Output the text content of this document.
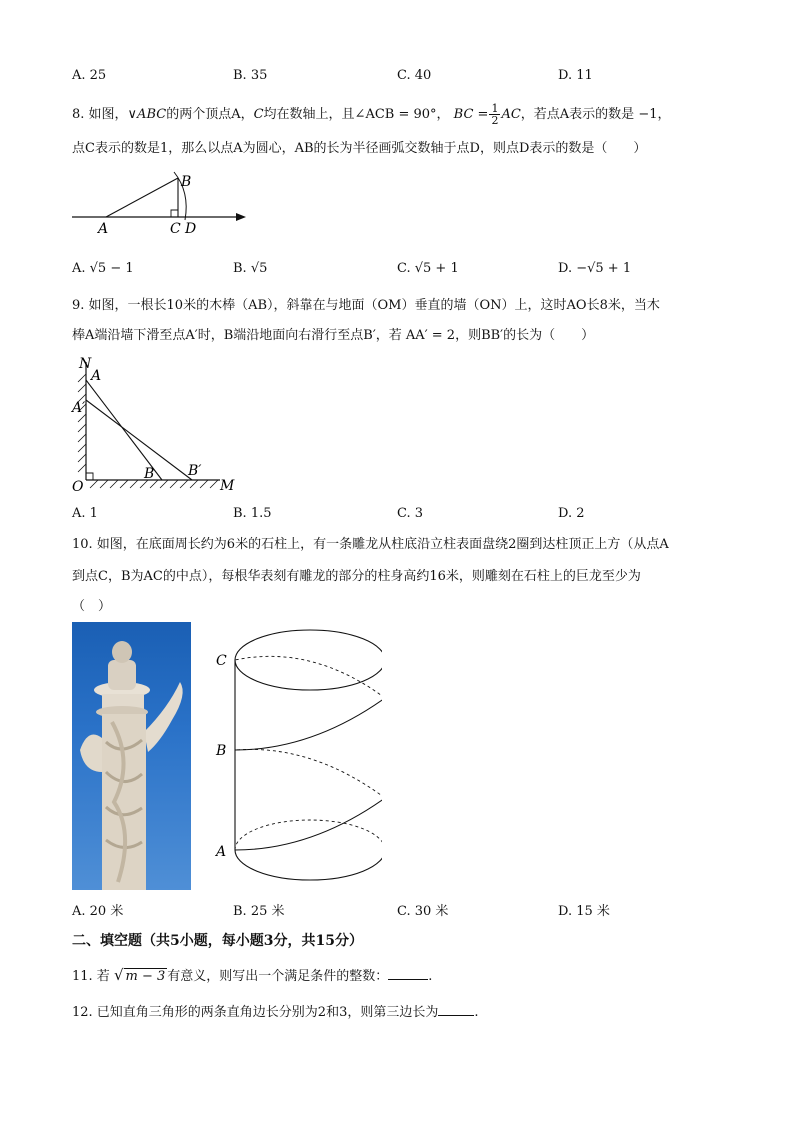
A. 25	B. 35	C. 40	D. 11
8. 如图，∨ABC的两个顶点A，C均在数轴上，且∠ACB = 90°， BC = $\frac{1}{2}$ AC，若点A表示的数是 −1，
点C表示的数是1，那么以点A为圆心，AB的长为半径画弧交数轴于点D，则点D表示的数是（　　）
A
B
C D
A. √5 − 1	B. √5	C. √5 + 1	D. −√5 + 1
9. 如图，一根长10米的木棒（AB），斜靠在与地面（OM）垂直的墙（ON）上，这时AO长8米，当木
棒A端沿墙下滑至点A′时，B端沿地面向右滑行至点B′，若 AA′ = 2，则BB′的长为（　　）
N
A
A′
O
B B′
M
A. 1	B. 1.5	C. 3	D. 2
10. 如图，在底面周长约为6米的石柱上，有一条雕龙从柱底沿立柱表面盘绕2圈到达柱顶正上方（从点A
到点C，B为AC的中点），每根华表刻有雕龙的部分的柱身高约16米，则雕刻在石柱上的巨龙至少为
（　）
C
B
A
A. 20 米	B. 25 米	C. 30 米	D. 15 米
二、填空题（共5小题，每小题3分，共15分）
11. 若 √ m − 3 有意义，则写出一个满足条件的整数：	.
12. 已知直角三角形的两条直角边长分别为2和3，则第三边长为	.
